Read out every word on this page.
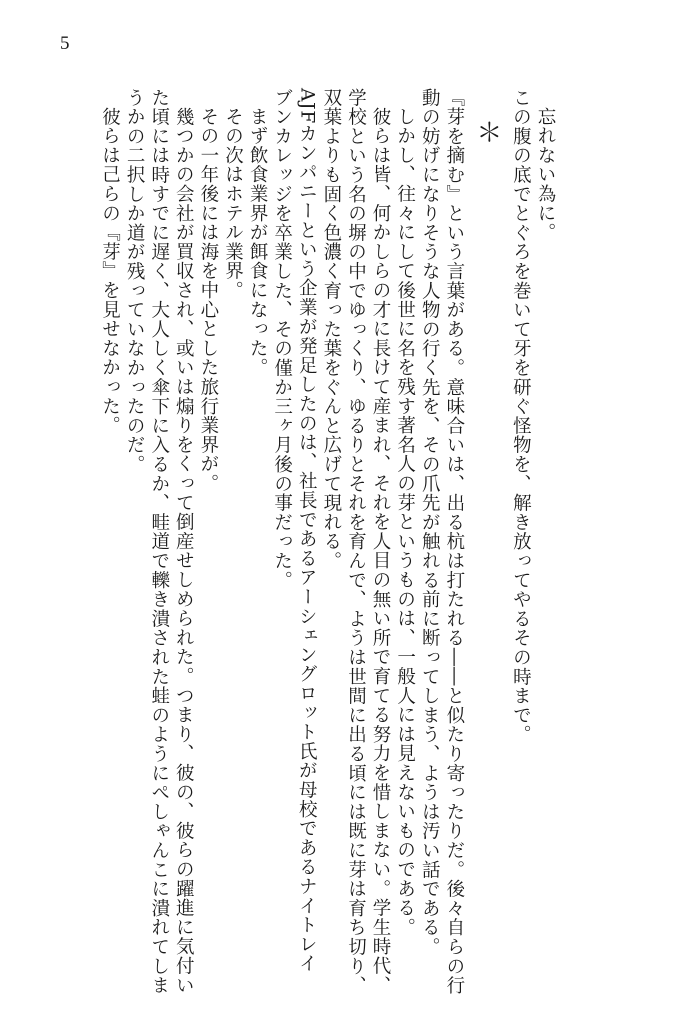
5

忘れない為に。

この腹の底でとぐろを巻いて牙を研ぐ怪物を、解き放ってやるその時まで。

＊

『芽を摘む』という言葉がある。意味合いは、出る杭は打たれる――と似たり寄ったりだ。後々自らの行

動の妨げになりそうな人物の行く先を、その爪先が触れる前に断ってしまう、ようは汚い話である。

しかし、往々にして後世に名を残す著名人の芽というものは、一般人には見えないものである。

彼らは皆、何かしらの才に長けて産まれ、それを人目の無い所で育てる努力を惜しまない。学生時代、

学校という名の塀の中でゆっくり、ゆるりとそれを育んで、ようは世間に出る頃には既に芽は育ち切り、

双葉よりも固く色濃く育った葉をぐんと広げて現れる。

AJFカンパニーという企業が発足したのは、社長であるアーシェングロット氏が母校であるナイトレイ

ブンカレッジを卒業した、その僅か三ヶ月後の事だった。

まず飲食業界が餌食になった。

その次はホテル業界。

その一年後には海を中心とした旅行業界が。

幾つかの会社が買収され、或いは煽りをくって倒産せしめられた。つまり、彼の、彼らの躍進に気付い

た頃には時すでに遅く、大人しく傘下に入るか、畦道で轢き潰された蛙のようにぺしゃんこに潰れてしま

うかの二択しか道が残っていなかったのだ。

彼らは己らの『芽』を見せなかった。
